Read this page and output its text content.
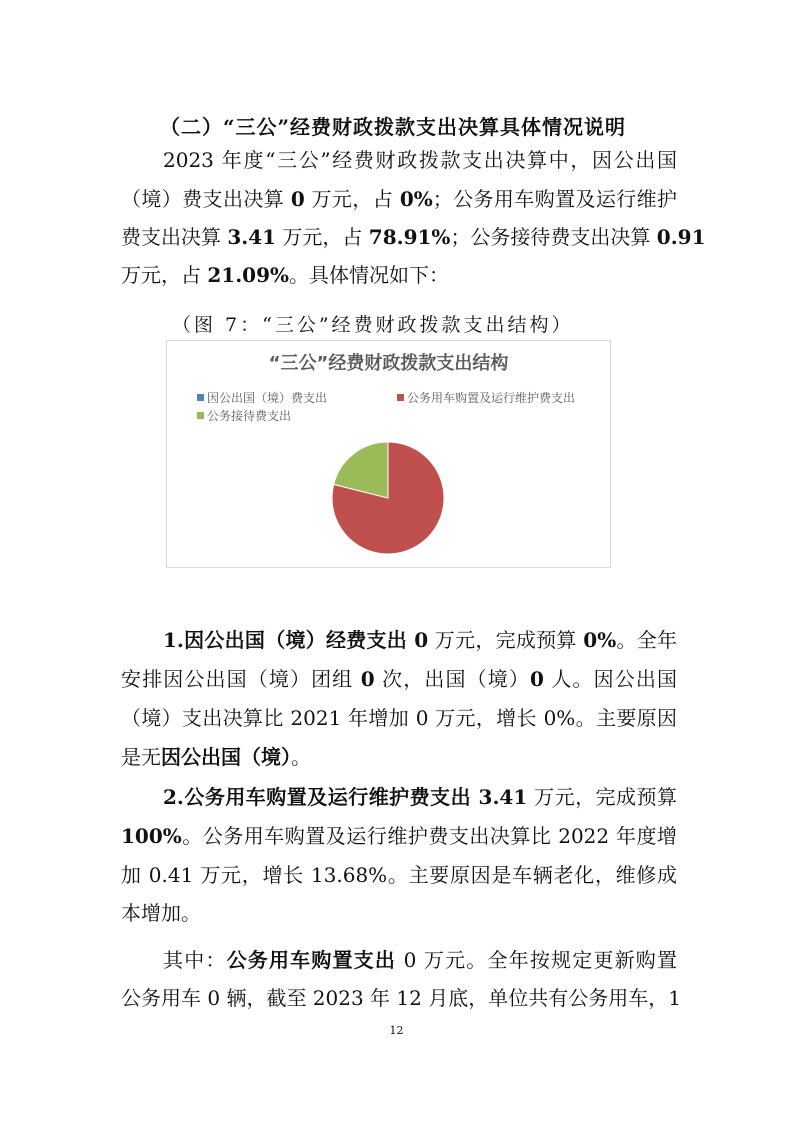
（二）“三公”经费财政拨款支出决算具体情况说明
2023 年度“三公”经费财政拨款支出决算中，因公出国
（境）费支出决算 0 万元，占 0%；公务用车购置及运行维护
费支出决算 3.41 万元，占 78.91%；公务接待费支出决算 0.91
万元，占 21.09%。具体情况如下：
（图 7：“三公”经费财政拨款支出结构）
“三公”经费财政拨款支出结构
因公出国（境）费支出	公务用车购置及运行维护费支出
公务接待费支出
1.因公出国（境）经费支出 0 万元，完成预算 0%。全年
安排因公出国（境）团组 0 次，出国（境）0 人。因公出国
（境）支出决算比 2021 年增加 0 万元，增长 0%。主要原因
是无因公出国（境）。
2.公务用车购置及运行维护费支出 3.41 万元，完成预算
100%。公务用车购置及运行维护费支出决算比 2022 年度增
加 0.41 万元，增长 13.68%。主要原因是车辆老化，维修成
本增加。
其中：公务用车购置支出 0 万元。全年按规定更新购置
公务用车 0 辆，截至 2023 年 12 月底，单位共有公务用车，1
12
